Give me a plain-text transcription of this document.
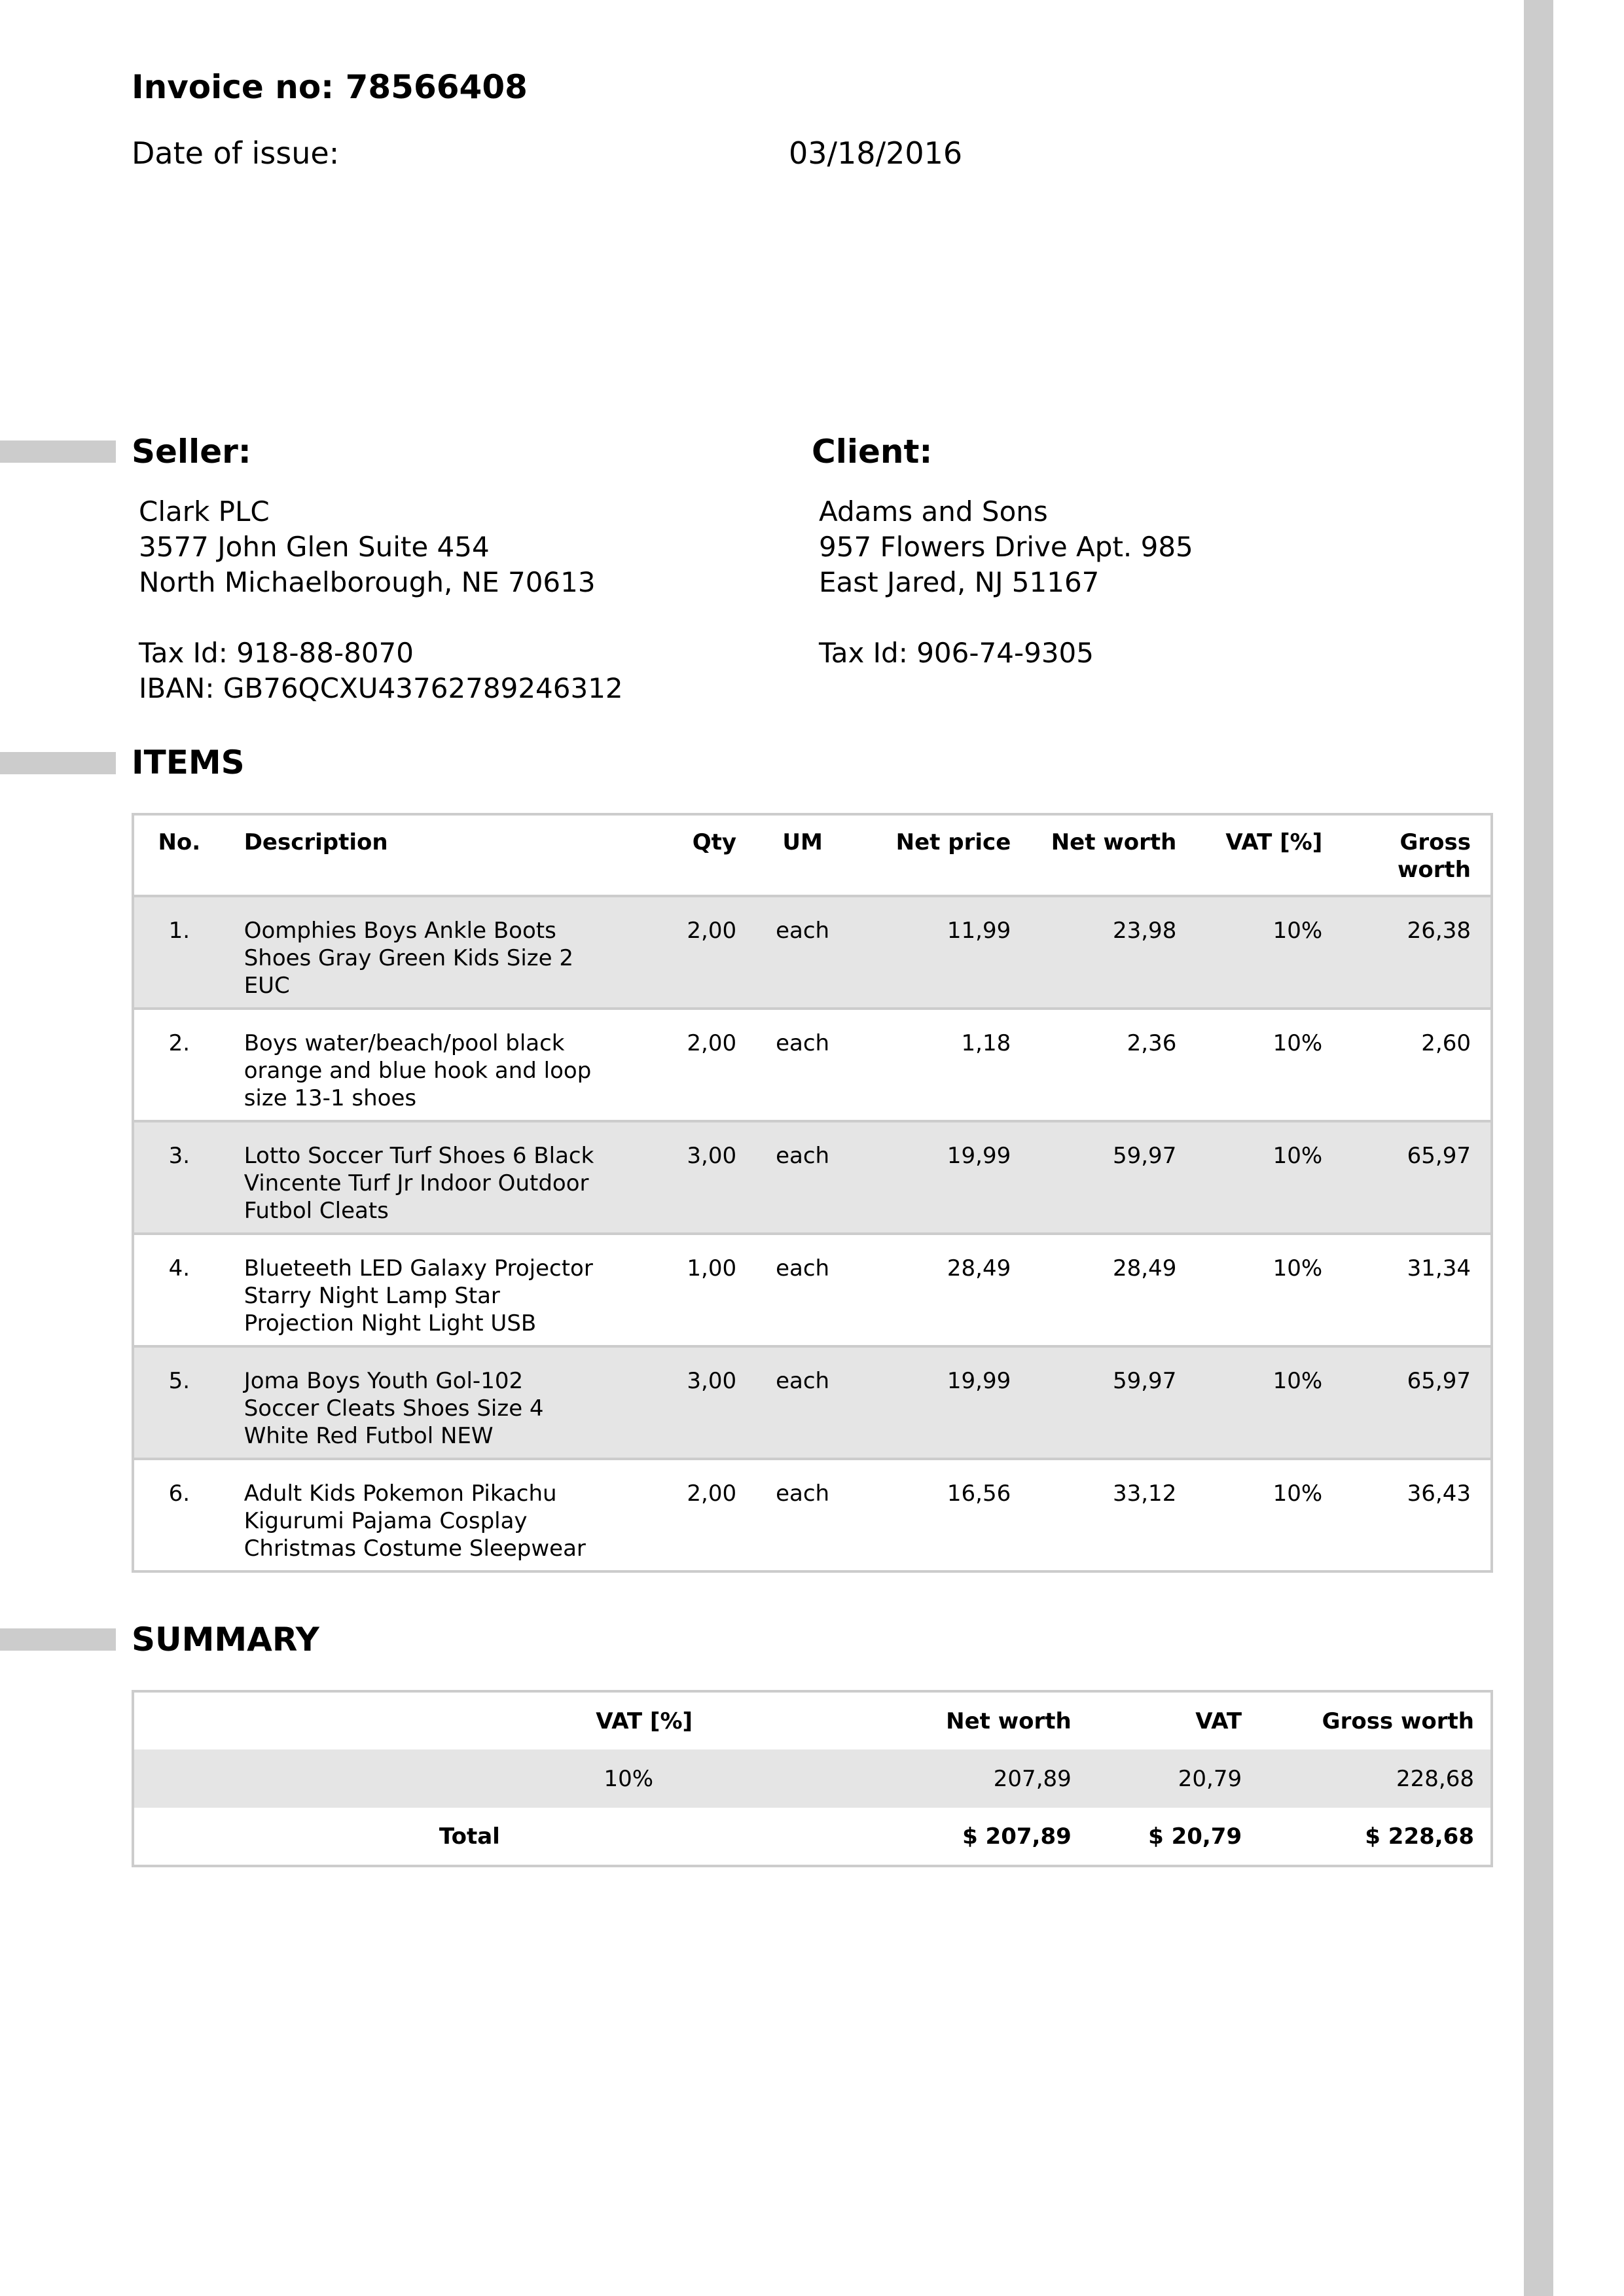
Invoice no: 78566408
Date of issue:	03/18/2016
Seller:	Client:
Clark PLC
3577 John Glen Suite 454
North Michaelborough, NE 70613
Tax Id: 918-88-8070
IBAN: GB76QCXU43762789246312
Adams and Sons
957 Flowers Drive Apt. 985
East Jared, NJ 51167
Tax Id: 906-74-9305
ITEMS
No.	Description	Qty	UM	Net price	Net worth	VAT [%]	Gross
worth

1.	Oomphies Boys Ankle Boots
Shoes Gray Green Kids Size 2
EUC	2,00	each	11,99	23,98	10%	26,38
2.	Boys water/beach/pool black
orange and blue hook and loop
size 13-1 shoes	2,00	each	1,18	2,36	10%	2,60
3.	Lotto Soccer Turf Shoes 6 Black
Vincente Turf Jr Indoor Outdoor
Futbol Cleats	3,00	each	19,99	59,97	10%	65,97
4.	Blueteeth LED Galaxy Projector
Starry Night Lamp Star
Projection Night Light USB	1,00	each	28,49	28,49	10%	31,34
5.	Joma Boys Youth Gol-102
Soccer Cleats Shoes Size 4
White Red Futbol NEW	3,00	each	19,99	59,97	10%	65,97
6.	Adult Kids Pokemon Pikachu
Kigurumi Pajama Cosplay
Christmas Costume Sleepwear	2,00	each	16,56	33,12	10%	36,43
SUMMARY
	VAT [%]	Net worth	VAT	Gross worth
	10%	207,89	20,79	228,68
Total		$ 207,89	$ 20,79	$ 228,68
